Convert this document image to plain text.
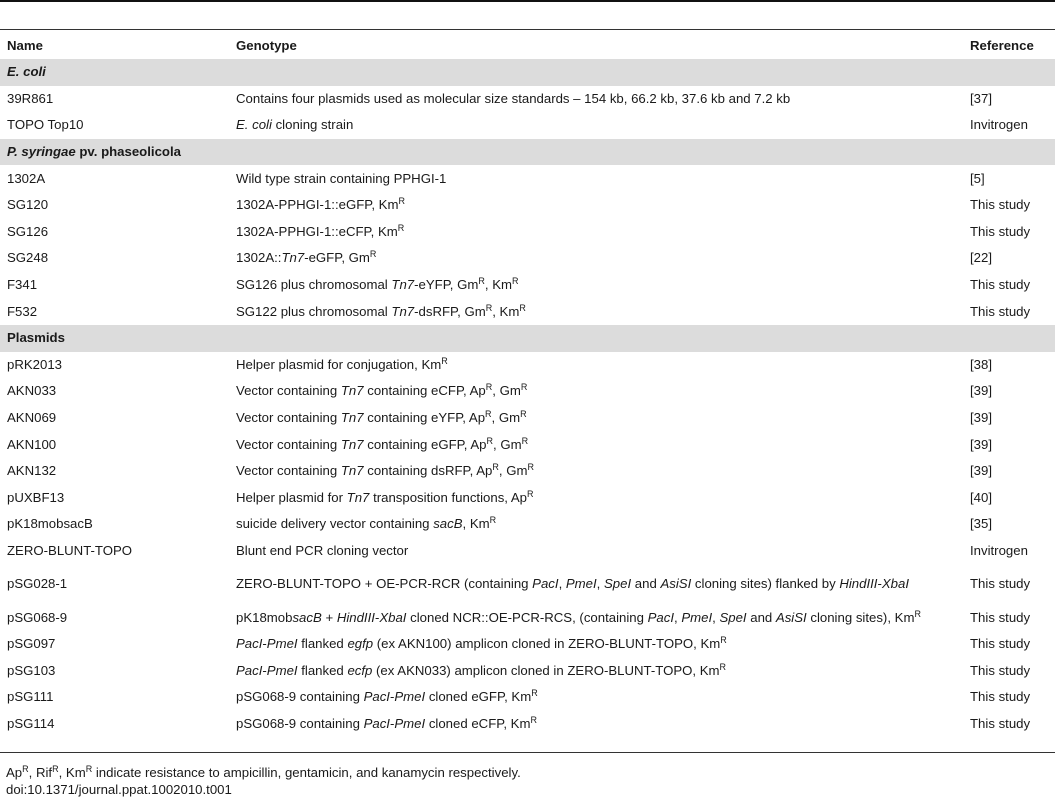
Name	Genotype	Reference
E. coli		
39R861	Contains four plasmids used as molecular size standards – 154 kb, 66.2 kb, 37.6 kb and 7.2 kb	[37]
TOPO Top10	E. coli cloning strain	Invitrogen
P. syringae pv. phaseolicola		
1302A	Wild type strain containing PPHGI-1	[5]
SG120	1302A-PPHGI-1::eGFP, $Km^R$	This study
SG126	1302A-PPHGI-1::eCFP, $Km^R$	This study
SG248	1302A::Tn7-eGFP, $Gm^R$	[22]
F341	SG126 plus chromosomal Tn7-eYFP, $Gm^R$, $Km^R$	This study
F532	SG122 plus chromosomal Tn7-dsRFP, $Gm^R$, $Km^R$	This study
Plasmids		
pRK2013	Helper plasmid for conjugation, $Km^R$	[38]
AKN033	Vector containing Tn7 containing eCFP, $Ap^R$, $Gm^R$	[39]
AKN069	Vector containing Tn7 containing eYFP, $Ap^R$, $Gm^R$	[39]
AKN100	Vector containing Tn7 containing eGFP, $Ap^R$, $Gm^R$	[39]
AKN132	Vector containing Tn7 containing dsRFP, $Ap^R$, $Gm^R$	[39]
pUXBF13	Helper plasmid for Tn7 transposition functions, $Ap^R$	[40]
pK18mobsacB	suicide delivery vector containing sacB, $Km^R$	[35]
ZERO-BLUNT-TOPO	Blunt end PCR cloning vector	Invitrogen
pSG028-1	ZERO-BLUNT-TOPO + OE-PCR-RCR (containing PacI, PmeI, SpeI and AsiSI cloning sites) flanked by HindIII-XbaI	This study
pSG068-9	pK18mobsacB + HindIII-XbaI cloned NCR::OE-PCR-RCS, (containing PacI, PmeI, SpeI and AsiSI cloning sites), $Km^R$	This study
pSG097	PacI-PmeI flanked egfp (ex AKN100) amplicon cloned in ZERO-BLUNT-TOPO, $Km^R$	This study
pSG103	PacI-PmeI flanked ecfp (ex AKN033) amplicon cloned in ZERO-BLUNT-TOPO, $Km^R$	This study
pSG111	pSG068-9 containing PacI-PmeI cloned eGFP, $Km^R$	This study
pSG114	pSG068-9 containing PacI-PmeI cloned eCFP, $Km^R$	This study
$Ap^R$, Rif$^R$, $Km^R$ indicate resistance to ampicillin, gentamicin, and kanamycin respectively.
doi:10.1371/journal.ppat.1002010.t001
